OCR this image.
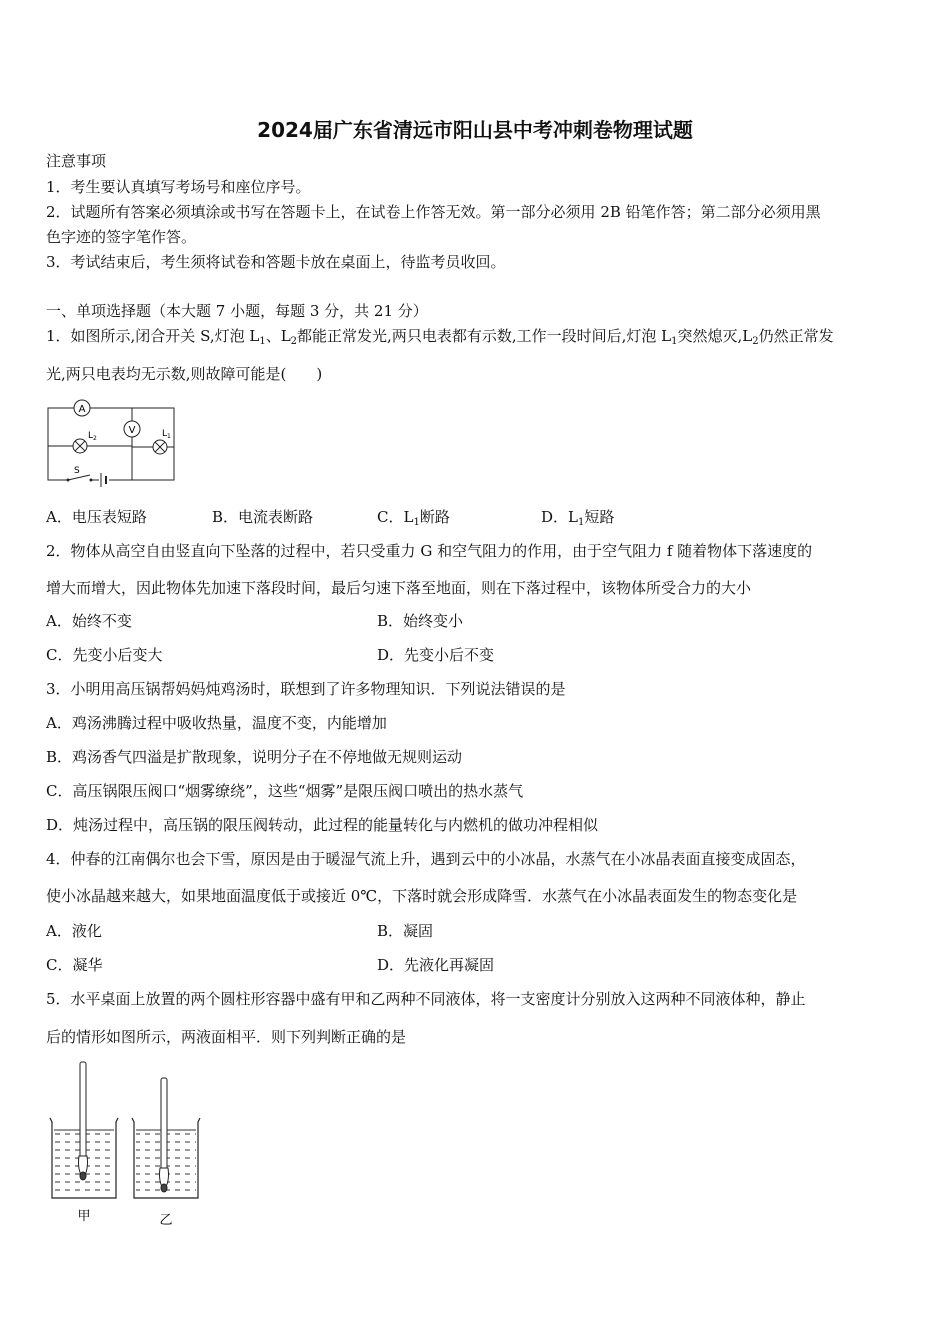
2024届广东省清远市阳山县中考冲刺卷物理试题
注意事项
1．考生要认真填写考场号和座位序号。
2．试题所有答案必须填涂或书写在答题卡上，在试卷上作答无效。第一部分必须用 2B 铅笔作答；第二部分必须用黑
色字迹的签字笔作答。
3．考试结束后，考生须将试卷和答题卡放在桌面上，待监考员收回。
一、单项选择题（本大题 7 小题，每题 3 分，共 21 分）
1．如图所示,闭合开关 S,灯泡 $L_1$、$L_2$都能正常发光,两只电表都有示数,工作一段时间后,灯泡 $L_1$突然熄灭$,L_2$仍然正常发
光,两只电表均无示数,则故障可能是(　　)
A
$L_2$
V	$L_1$
S
A．电压表短路	B．电流表断路	C．$L_1$断路	D．$L_1$短路
2．物体从高空自由竖直向下坠落的过程中，若只受重力 G 和空气阻力的作用，由于空气阻力 f 随着物体下落速度的
增大而增大，因此物体先加速下落段时间，最后匀速下落至地面，则在下落过程中，该物体所受合力的大小
A．始终不变	B．始终变小
C．先变小后变大	D．先变小后不变
3．小明用高压锅帮妈妈炖鸡汤时，联想到了许多物理知识．下列说法错误的是
A．鸡汤沸腾过程中吸收热量，温度不变，内能增加
B．鸡汤香气四溢是扩散现象，说明分子在不停地做无规则运动
C．高压锅限压阀口“烟雾缭绕”，这些“烟雾”是限压阀口喷出的热水蒸气
D．炖汤过程中，高压锅的限压阀转动，此过程的能量转化与内燃机的做功冲程相似
4．仲春的江南偶尔也会下雪，原因是由于暖湿气流上升，遇到云中的小冰晶，水蒸气在小冰晶表面直接变成固态，
使小冰晶越来越大，如果地面温度低于或接近 0℃，下落时就会形成降雪．水蒸气在小冰晶表面发生的物态变化是
A．液化	B．凝固
C．凝华	D．先液化再凝固
5．水平桌面上放置的两个圆柱形容器中盛有甲和乙两种不同液体，将一支密度计分别放入这两种不同液体种，静止
后的情形如图所示，两液面相平．则下列判断正确的是
甲	乙
